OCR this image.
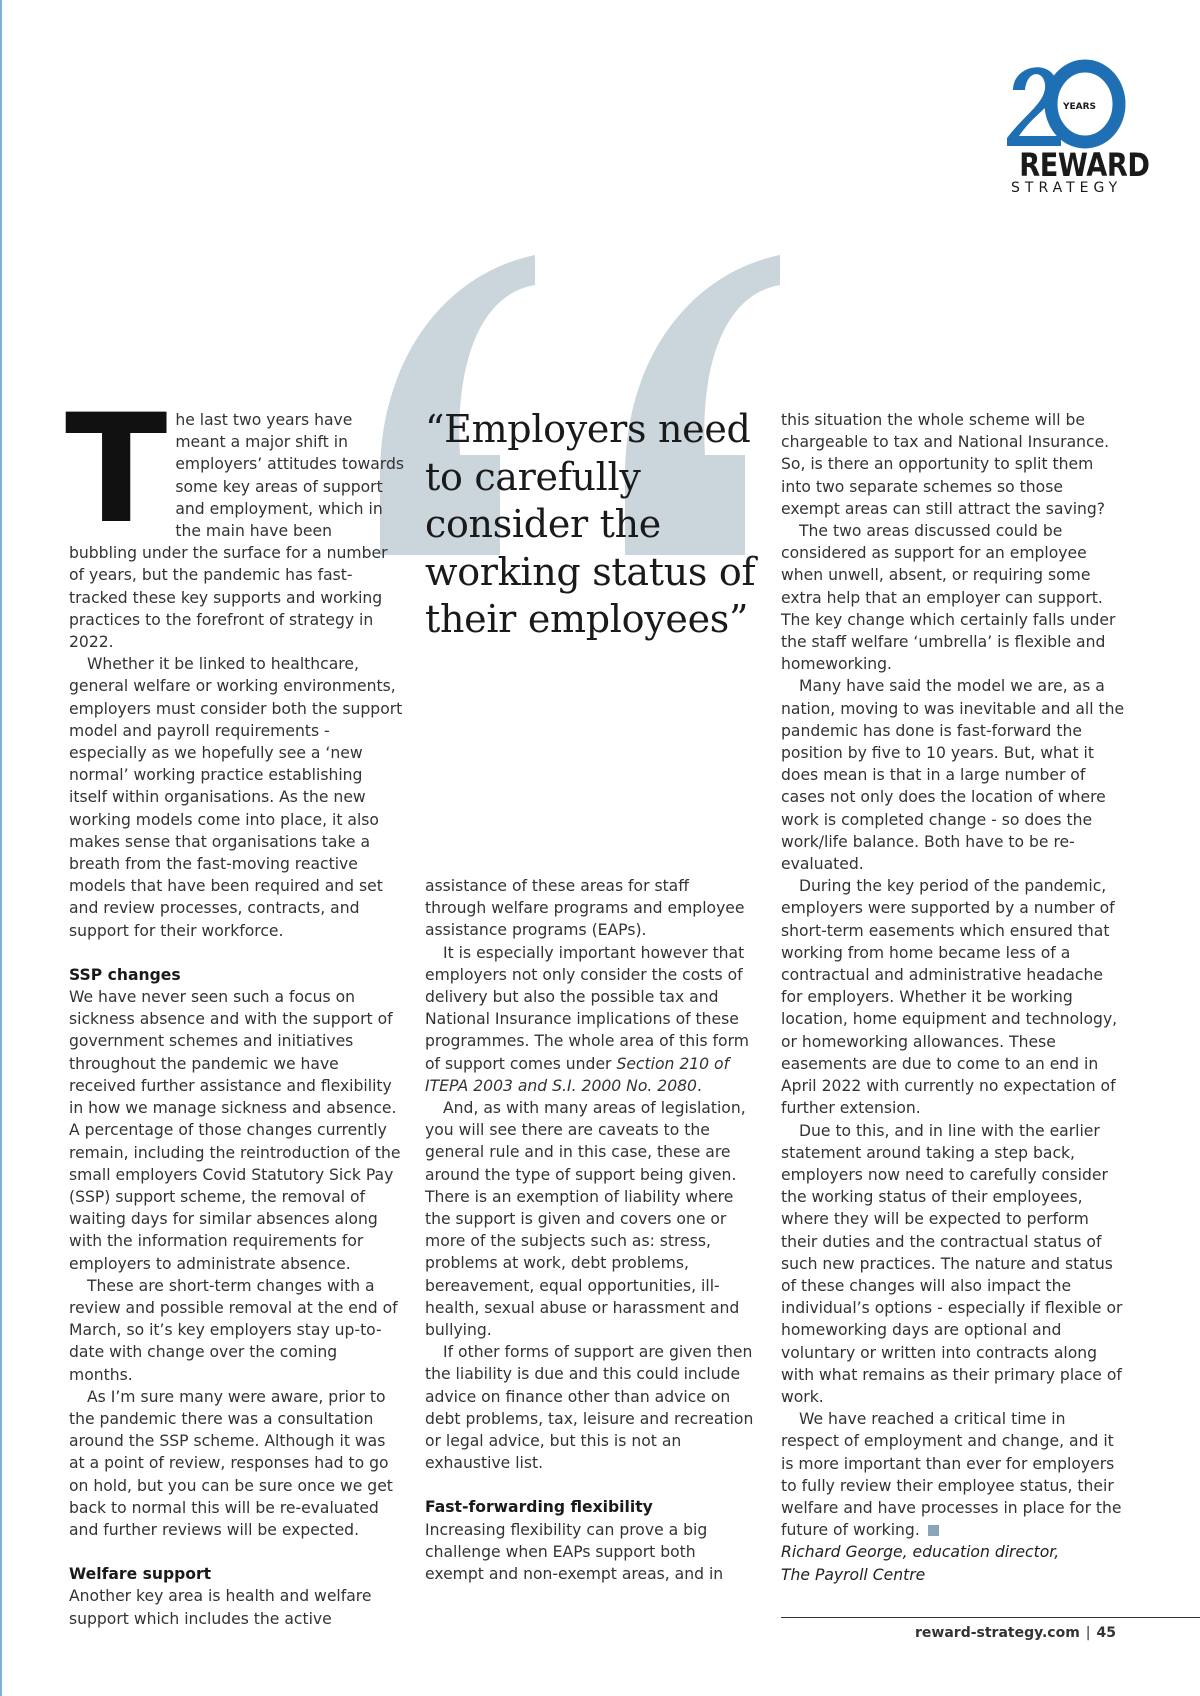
YEARS
REWARD
STRATEGY
“Employers need to carefully consider the working status of their employees”

The last two years have meant a major shift in employers’ attitudes towards some key areas of support and employment, which in the main have been bubbling under the surface for a number of years, but the pandemic has fast-tracked these key supports and working practices to the forefront of strategy in 2022.

Whether it be linked to healthcare, general welfare or working environments, employers must consider both the support model and payroll requirements - especially as we hopefully see a ‘new normal’ working practice establishing itself within organisations. As the new working models come into place, it also makes sense that organisations take a breath from the fast-moving reactive models that have been required and set and review processes, contracts, and support for their workforce.

SSP changes

We have never seen such a focus on sickness absence and with the support of government schemes and initiatives throughout the pandemic we have received further assistance and flexibility in how we manage sickness and absence. A percentage of those changes currently remain, including the reintroduction of the small employers Covid Statutory Sick Pay (SSP) support scheme, the removal of waiting days for similar absences along with the information requirements for employers to administrate absence.

These are short-term changes with a review and possible removal at the end of March, so it’s key employers stay up-to-date with change over the coming months.

As I’m sure many were aware, prior to the pandemic there was a consultation around the SSP scheme. Although it was at a point of review, responses had to go on hold, but you can be sure once we get back to normal this will be re-evaluated and further reviews will be expected.

Welfare support

Another key area is health and welfare support which includes the active

assistance of these areas for staff through welfare programs and employee assistance programs (EAPs).

It is especially important however that employers not only consider the costs of delivery but also the possible tax and National Insurance implications of these programmes. The whole area of this form of support comes under Section 210 of ITEPA 2003 and S.I. 2000 No. 2080.

And, as with many areas of legislation, you will see there are caveats to the general rule and in this case, these are around the type of support being given. There is an exemption of liability where the support is given and covers one or more of the subjects such as: stress, problems at work, debt problems, bereavement, equal opportunities, ill-health, sexual abuse or harassment and bullying.

If other forms of support are given then the liability is due and this could include advice on finance other than advice on debt problems, tax, leisure and recreation or legal advice, but this is not an exhaustive list.

Fast-forwarding flexibility

Increasing flexibility can prove a big challenge when EAPs support both exempt and non-exempt areas, and in

this situation the whole scheme will be chargeable to tax and National Insurance. So, is there an opportunity to split them into two separate schemes so those exempt areas can still attract the saving?

The two areas discussed could be considered as support for an employee when unwell, absent, or requiring some extra help that an employer can support. The key change which certainly falls under the staff welfare ‘umbrella’ is flexible and homeworking.

Many have said the model we are, as a nation, moving to was inevitable and all the pandemic has done is fast-forward the position by five to 10 years. But, what it does mean is that in a large number of cases not only does the location of where work is completed change - so does the work/life balance. Both have to be re-evaluated.

During the key period of the pandemic, employers were supported by a number of short-term easements which ensured that working from home became less of a contractual and administrative headache for employers. Whether it be working location, home equipment and technology, or homeworking allowances. These easements are due to come to an end in April 2022 with currently no expectation of further extension.

Due to this, and in line with the earlier statement around taking a step back, employers now need to carefully consider the working status of their employees, where they will be expected to perform their duties and the contractual status of such new practices. The nature and status of these changes will also impact the individual’s options - especially if flexible or homeworking days are optional and voluntary or written into contracts along with what remains as their primary place of work.

We have reached a critical time in respect of employment and change, and it is more important than ever for employers to fully review their employee status, their welfare and have processes in place for the future of working.

Richard George, education director,

The Payroll Centre

reward-strategy.com | 45
